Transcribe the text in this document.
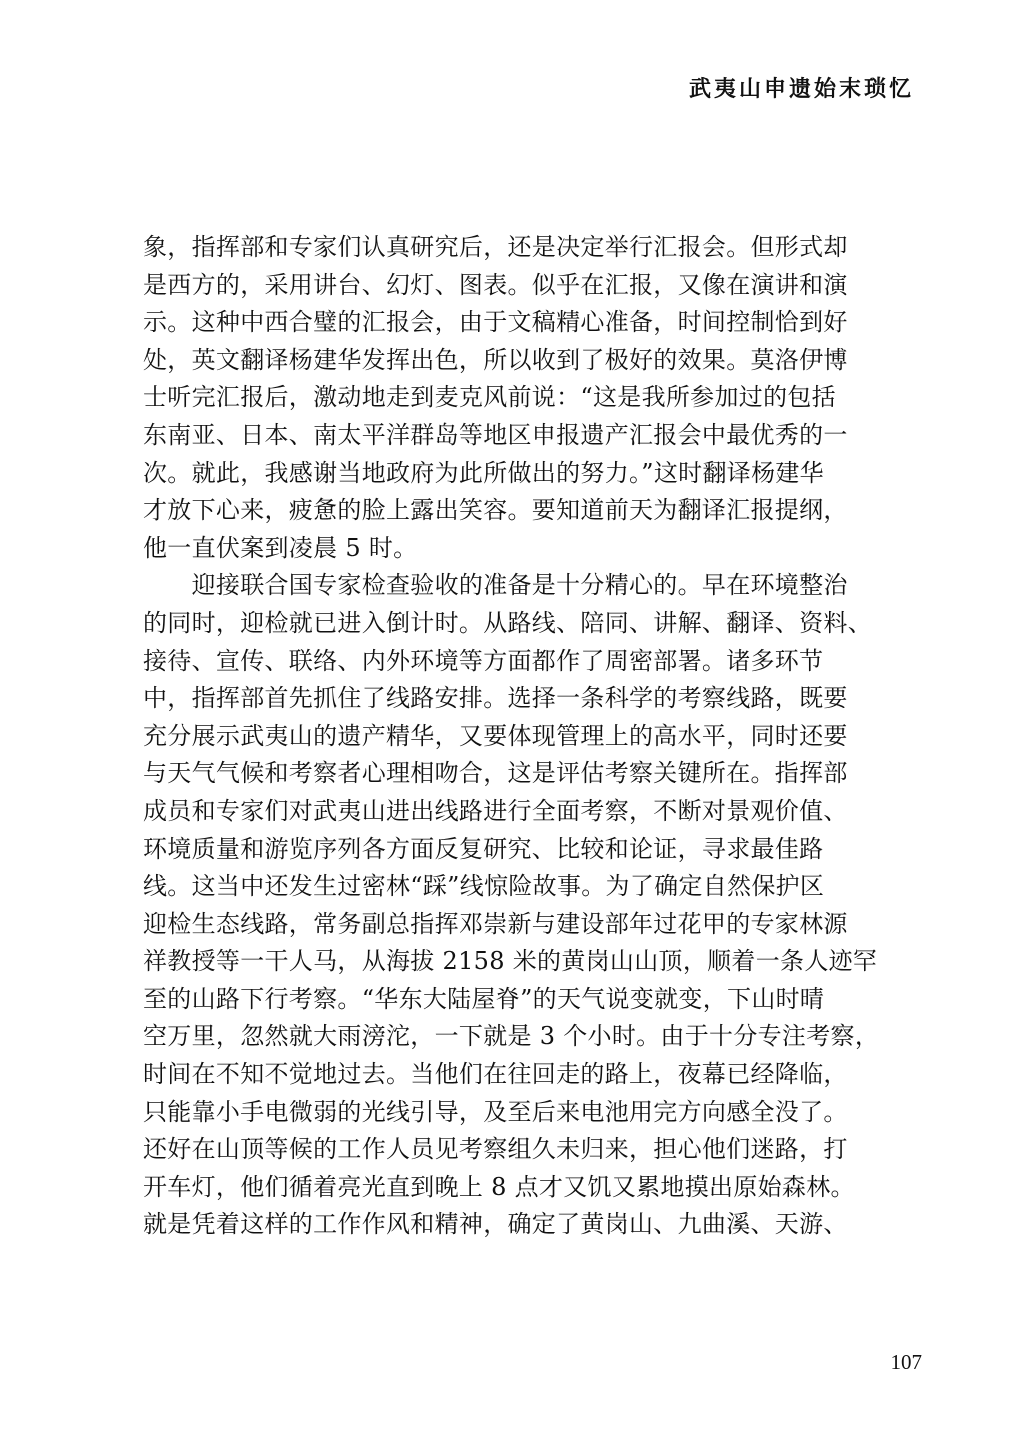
武夷山申遗始末琐忆
象，指挥部和专家们认真研究后，还是决定举行汇报会。但形式却
是西方的，采用讲台、幻灯、图表。似乎在汇报，又像在演讲和演
示。这种中西合璧的汇报会，由于文稿精心准备，时间控制恰到好
处，英文翻译杨建华发挥出色，所以收到了极好的效果。莫洛伊博
士听完汇报后，激动地走到麦克风前说：“这是我所参加过的包括
东南亚、日本、南太平洋群岛等地区申报遗产汇报会中最优秀的一
次。就此，我感谢当地政府为此所做出的努力。”这时翻译杨建华
才放下心来，疲惫的脸上露出笑容。要知道前天为翻译汇报提纲，
他一直伏案到凌晨 5 时。
　　迎接联合国专家检查验收的准备是十分精心的。早在环境整治
的同时，迎检就已进入倒计时。从路线、陪同、讲解、翻译、资料、
接待、宣传、联络、内外环境等方面都作了周密部署。诸多环节
中，指挥部首先抓住了线路安排。选择一条科学的考察线路，既要
充分展示武夷山的遗产精华，又要体现管理上的高水平，同时还要
与天气气候和考察者心理相吻合，这是评估考察关键所在。指挥部
成员和专家们对武夷山进出线路进行全面考察，不断对景观价值、
环境质量和游览序列各方面反复研究、比较和论证，寻求最佳路
线。这当中还发生过密林“踩”线惊险故事。为了确定自然保护区
迎检生态线路，常务副总指挥邓崇新与建设部年过花甲的专家林源
祥教授等一干人马，从海拔 2158 米的黄岗山山顶，顺着一条人迹罕
至的山路下行考察。“华东大陆屋脊”的天气说变就变，下山时晴
空万里，忽然就大雨滂沱，一下就是 3 个小时。由于十分专注考察，
时间在不知不觉地过去。当他们在往回走的路上，夜幕已经降临，
只能靠小手电微弱的光线引导，及至后来电池用完方向感全没了。
还好在山顶等候的工作人员见考察组久未归来，担心他们迷路，打
开车灯，他们循着亮光直到晚上 8 点才又饥又累地摸出原始森林。
就是凭着这样的工作作风和精神，确定了黄岗山、九曲溪、天游、
107
